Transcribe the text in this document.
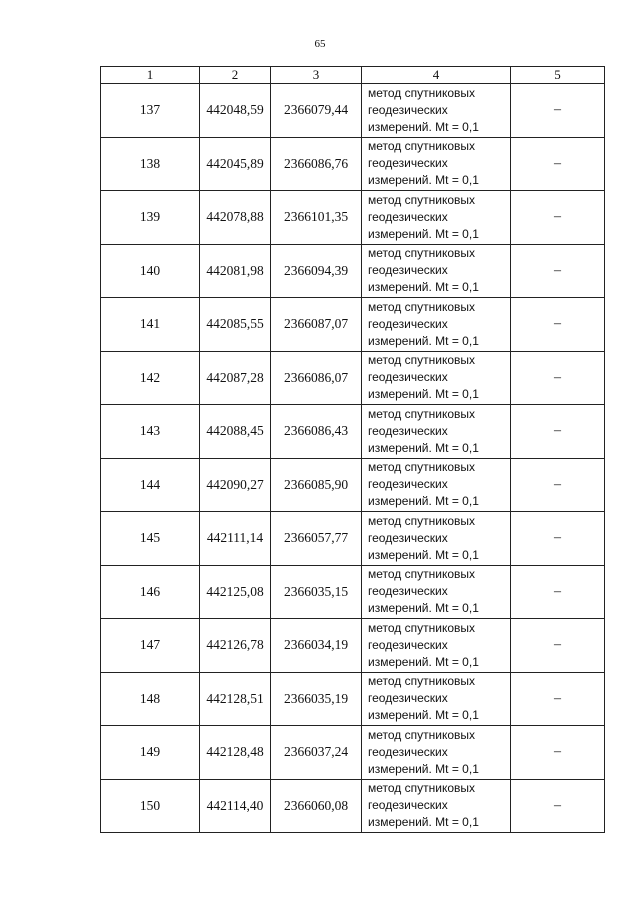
65
1	2	3	4	5
137	442048,59	2366079,44	метод спутниковых
геодезических
измерений. Mt = 0,1	–
138	442045,89	2366086,76	метод спутниковых
геодезических
измерений. Mt = 0,1	–
139	442078,88	2366101,35	метод спутниковых
геодезических
измерений. Mt = 0,1	–
140	442081,98	2366094,39	метод спутниковых
геодезических
измерений. Mt = 0,1	–
141	442085,55	2366087,07	метод спутниковых
геодезических
измерений. Mt = 0,1	–
142	442087,28	2366086,07	метод спутниковых
геодезических
измерений. Mt = 0,1	–
143	442088,45	2366086,43	метод спутниковых
геодезических
измерений. Mt = 0,1	–
144	442090,27	2366085,90	метод спутниковых
геодезических
измерений. Mt = 0,1	–
145	442111,14	2366057,77	метод спутниковых
геодезических
измерений. Mt = 0,1	–
146	442125,08	2366035,15	метод спутниковых
геодезических
измерений. Mt = 0,1	–
147	442126,78	2366034,19	метод спутниковых
геодезических
измерений. Mt = 0,1	–
148	442128,51	2366035,19	метод спутниковых
геодезических
измерений. Mt = 0,1	–
149	442128,48	2366037,24	метод спутниковых
геодезических
измерений. Mt = 0,1	–
150	442114,40	2366060,08	метод спутниковых
геодезических
измерений. Mt = 0,1	–
